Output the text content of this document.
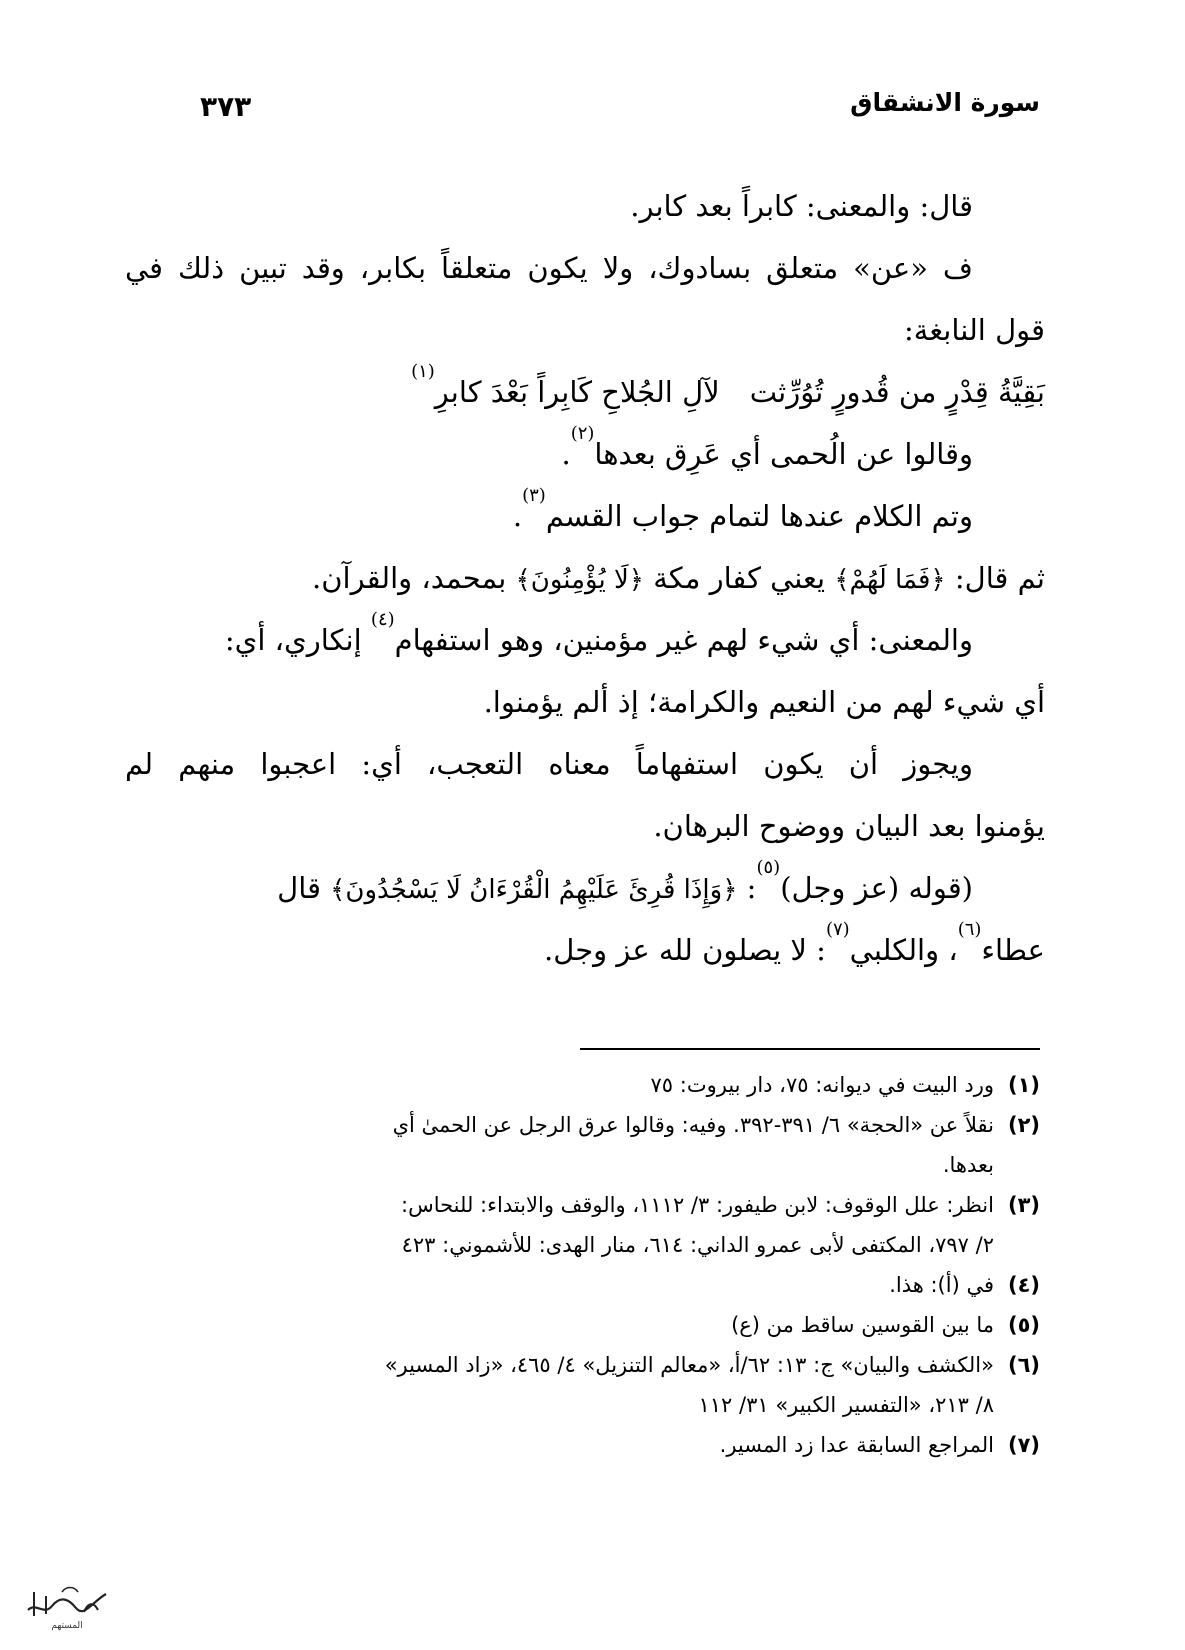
سورة الانشقاق
٣٧٣
قال: والمعنى: كابراً بعد كابر.
ف «عن» متعلق بسادوك، ولا يكون متعلقاً بكابر، وقد تبين ذلك في
قول النابغة:
بَقِيَّةُ قِدْرٍ من قُدورٍ تُوُرِّثتلآلِ الجُلاحِ كَابِراً بَعْدَ كابرِ$^{(١)}$
وقالوا عن الُحمى أي عَرِق بعدها$^{(٢)}$.
وتم الكلام عندها لتمام جواب القسم$^{(٣)}$.
ثم قال: ﴿فَمَا لَهُمْ﴾ يعني كفار مكة ﴿لَا يُؤْمِنُونَ﴾ بمحمد، والقرآن.
والمعنى: أي شيء لهم غير مؤمنين، وهو استفهام$^{(٤)}$ إنكاري، أي:
أي شيء لهم من النعيم والكرامة؛ إذ ألم يؤمنوا.
ويجوز أن يكون استفهاماً معناه التعجب، أي: اعجبوا منهم لم
يؤمنوا بعد البيان ووضوح البرهان.
(قوله (عز وجل)$^{(٥)}$: ﴿وَإِذَا قُرِئَ عَلَيْهِمُ الْقُرْءَانُ لَا يَسْجُدُونَ﴾ قال
عطاء$^{(٦)}$، والكلبي$^{(٧)}$: لا يصلون لله عز وجل.
(١)
ورد البيت في ديوانه: ٧٥، دار بيروت: ٧٥
(٢)
نقلاً عن «الحجة» ٦/ ٣٩١-٣٩٢. وفيه: وقالوا عرق الرجل عن الحمىٰ أي
بعدها.
(٣)
انظر: علل الوقوف: لابن طيفور: ٣/ ١١١٢، والوقف والابتداء: للنحاس:
٢/ ٧٩٧، المكتفى لأبى عمرو الداني: ٦١٤، منار الهدى: للأشموني: ٤٢٣
(٤)
في (أ): هذا.
(٥)
ما بين القوسين ساقط من (ع)
(٦)
«الكشف والبيان» ج: ١٣: ٦٢/أ، «معالم التنزيل» ٤/ ٤٦٥، «زاد المسير»
٨/ ٢١٣، «التفسير الكبير» ٣١/ ١١٢
(٧)
المراجع السابقة عدا زد المسير.
المستهم
